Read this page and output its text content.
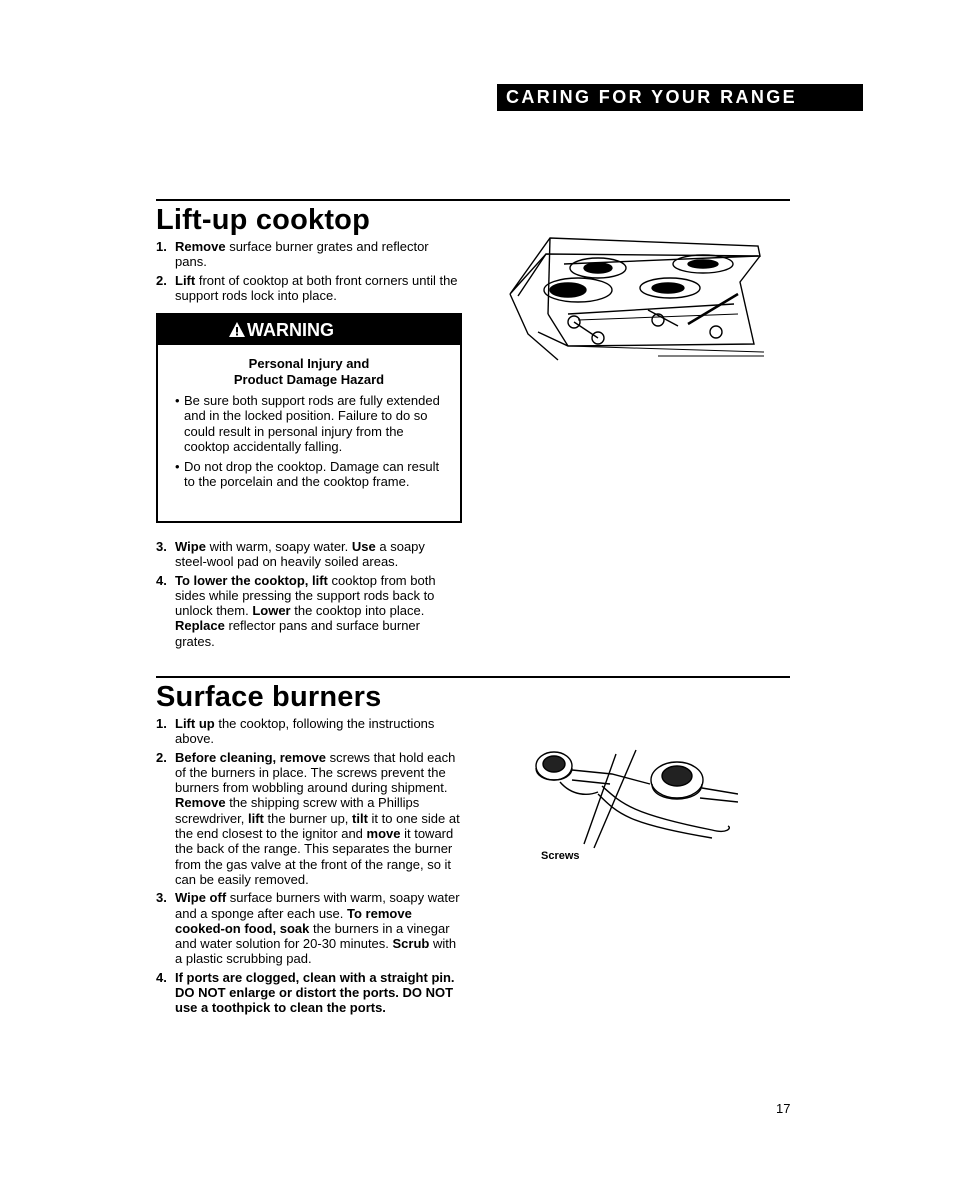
CARING FOR YOUR RANGE
Lift-up cooktop
1. Remove surface burner grates and reflector pans.
2. Lift front of cooktop at both front corners until the support rods lock into place.
WARNING
Personal Injury and
Product Damage Hazard
• Be sure both support rods are fully extended and in the locked position. Failure to do so could result in personal injury from the cooktop accidentally falling.
• Do not drop the cooktop. Damage can result to the porcelain and the cooktop frame.
3. Wipe with warm, soapy water. Use a soapy steel-wool pad on heavily soiled areas.
4. To lower the cooktop, lift cooktop from both sides while pressing the support rods back to unlock them. Lower the cooktop into place. Replace reflector pans and surface burner grates.
Surface burners
1. Lift up the cooktop, following the instructions above.
2. Before cleaning, remove screws that hold each of the burners in place. The screws prevent the burners from wobbling around during shipment. Remove the shipping screw with a Phillips screwdriver, lift the burner up, tilt it to one side at the end closest to the ignitor and move it toward the back of the range. This separates the burner from the gas valve at the front of the range, so it can be easily removed.
3. Wipe off surface burners with warm, soapy water and a sponge after each use. To remove cooked-on food, soak the burners in a vinegar and water solution for 20-30 minutes. Scrub with a plastic scrubbing pad.
4. If ports are clogged, clean with a straight pin. DO NOT enlarge or distort the ports. DO NOT use a toothpick to clean the ports.
Screws
17
